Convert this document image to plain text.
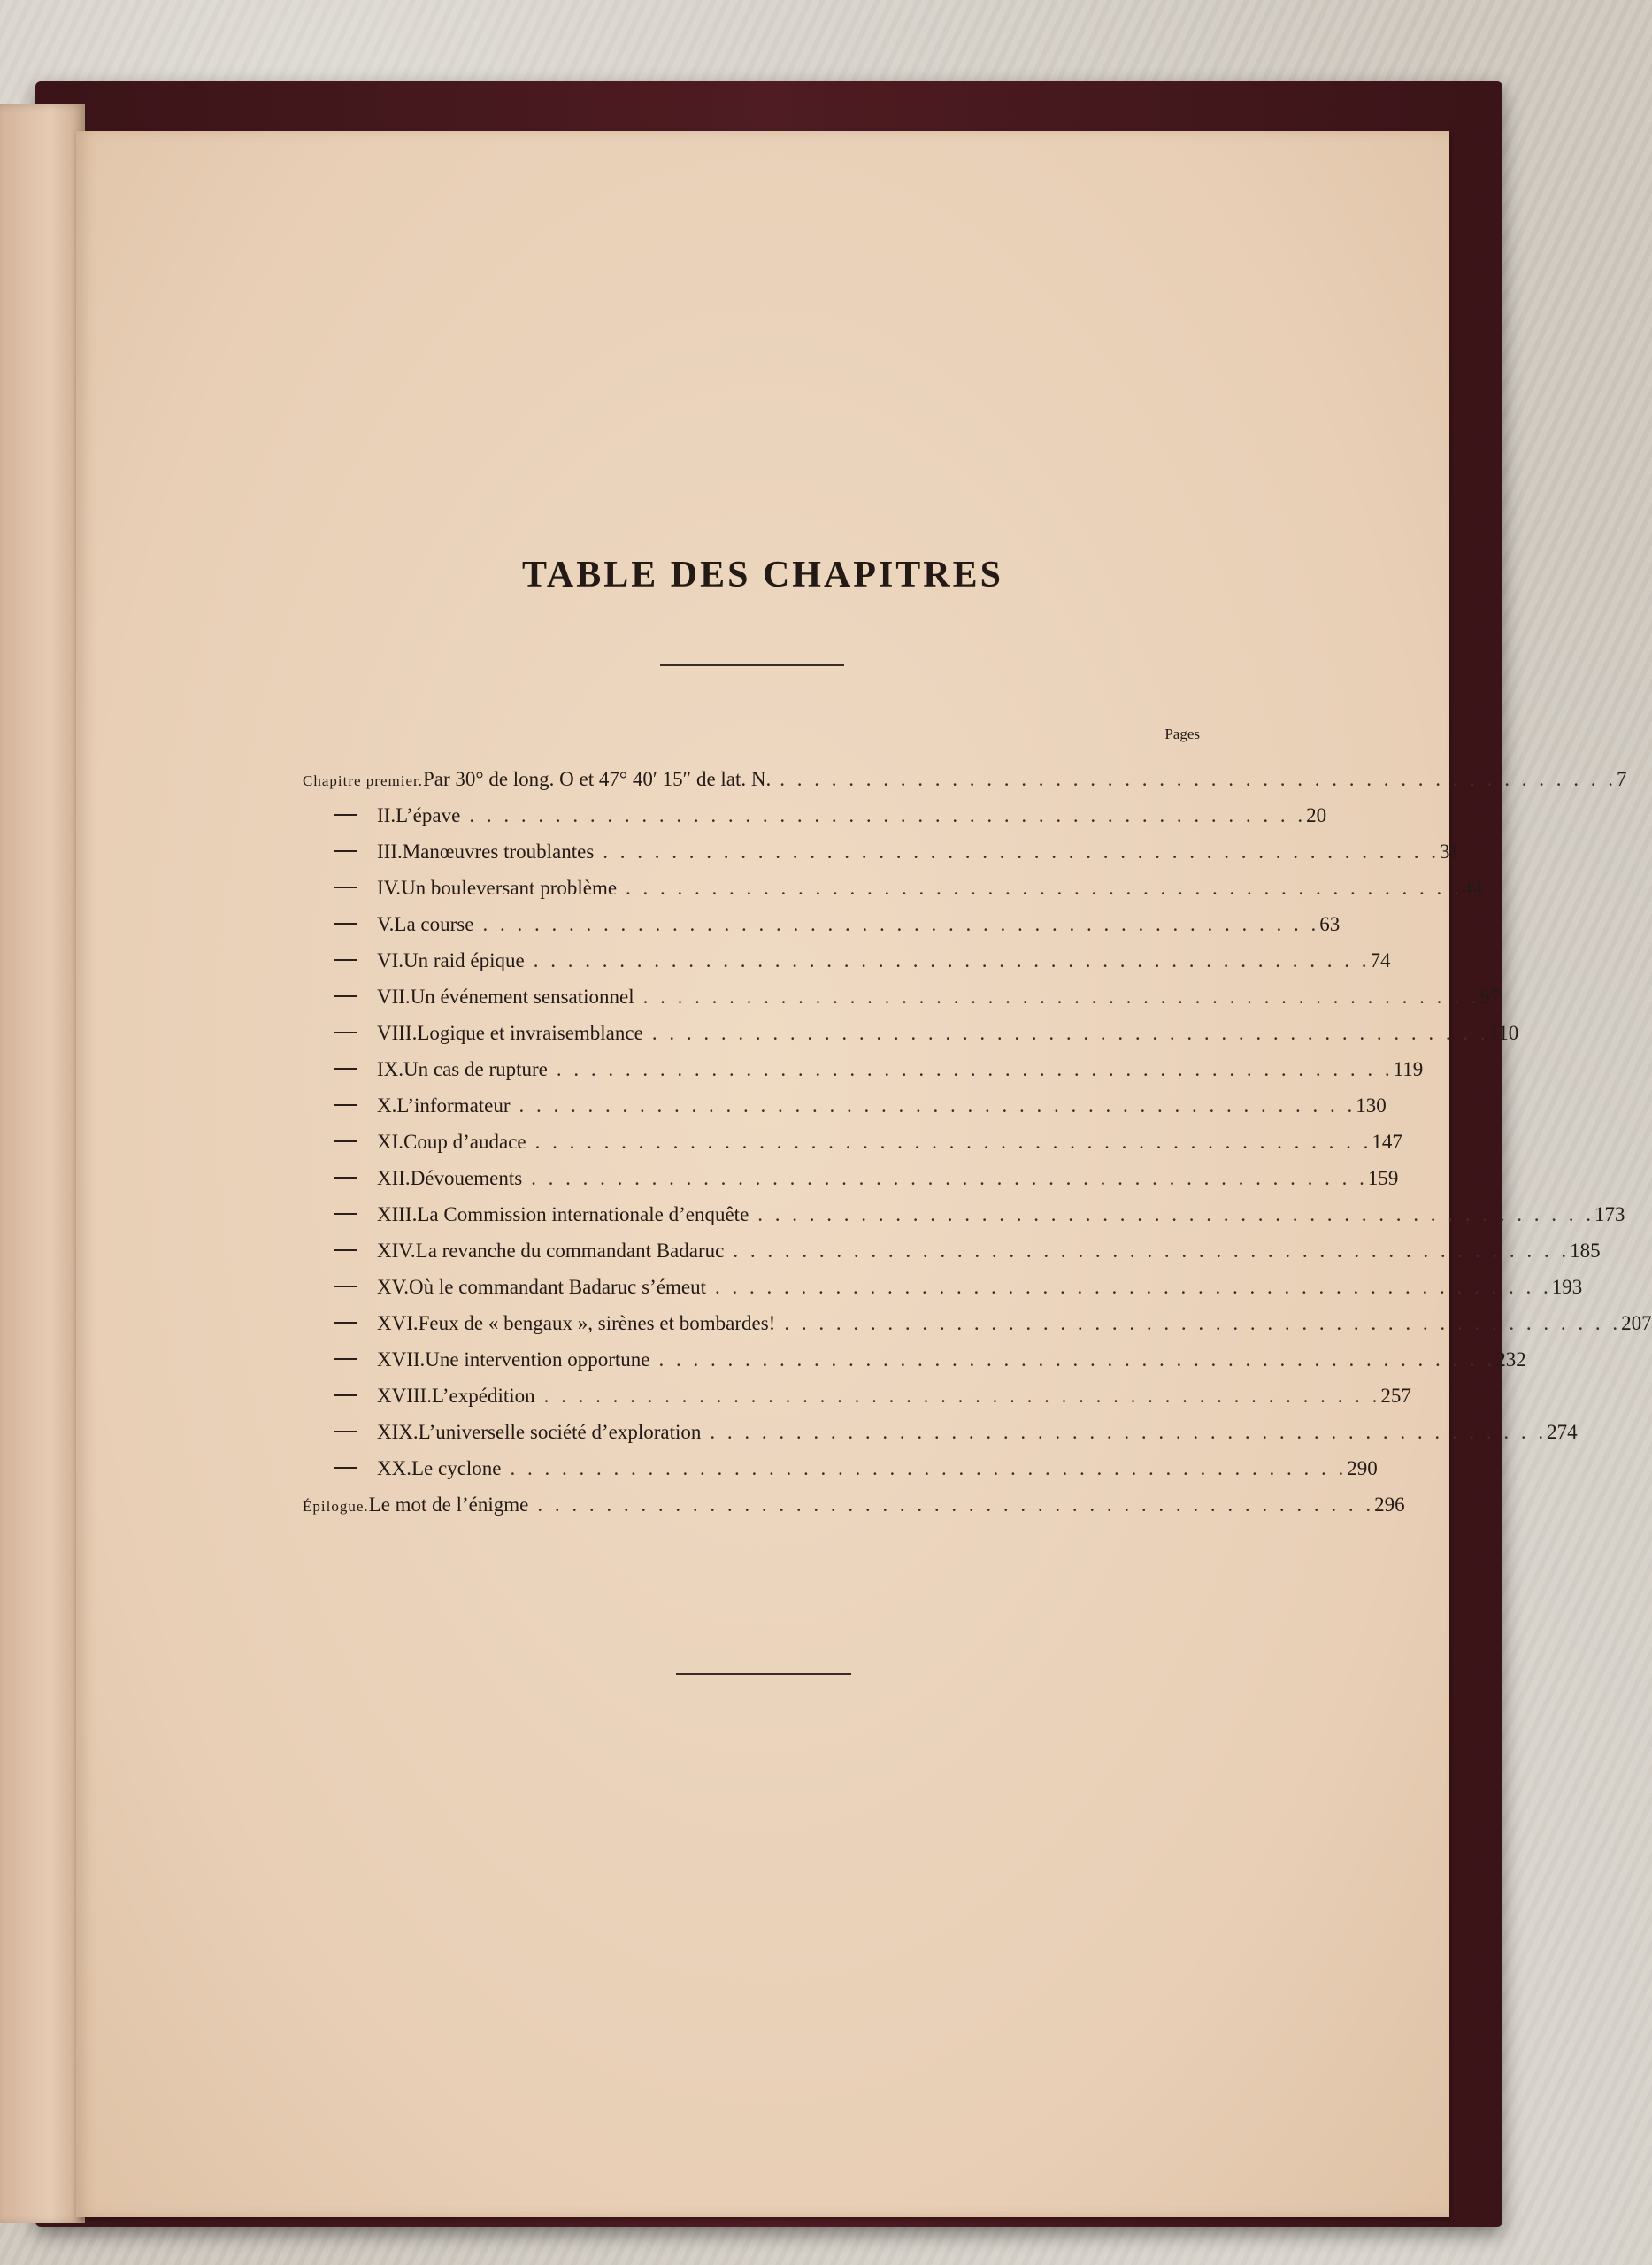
TABLE DES CHAPITRES
Pages
Chapitre premier. Par 30° de long. O et 47° 40′ 15″ de lat. N. . . . . . . . . . . . . . . . . . . . . . . . . . . . . . . . . . . . . . . . . . . . . . . . . . 7
II. L’épave . . . . . . . . . . . . . . . . . . . . . . . . . . . . . . . . . . . . . . . . . . . . . . . . . 20
III. Manœuvres troublantes . . . . . . . . . . . . . . . . . . . . . . . . . . . . . . . . . . . . . . . . . . . . . . . . . 31
IV. Un bouleversant problème . . . . . . . . . . . . . . . . . . . . . . . . . . . . . . . . . . . . . . . . . . . . . . . . . 44
V. La course . . . . . . . . . . . . . . . . . . . . . . . . . . . . . . . . . . . . . . . . . . . . . . . . . 63
VI. Un raid épique . . . . . . . . . . . . . . . . . . . . . . . . . . . . . . . . . . . . . . . . . . . . . . . . . 74
VII. Un événement sensationnel . . . . . . . . . . . . . . . . . . . . . . . . . . . . . . . . . . . . . . . . . . . . . . . . . 97
VIII. Logique et invraisemblance . . . . . . . . . . . . . . . . . . . . . . . . . . . . . . . . . . . . . . . . . . . . . . . . . 110
IX. Un cas de rupture . . . . . . . . . . . . . . . . . . . . . . . . . . . . . . . . . . . . . . . . . . . . . . . . . 119
X. L’informateur . . . . . . . . . . . . . . . . . . . . . . . . . . . . . . . . . . . . . . . . . . . . . . . . . 130
XI. Coup d’audace . . . . . . . . . . . . . . . . . . . . . . . . . . . . . . . . . . . . . . . . . . . . . . . . . 147
XII. Dévouements . . . . . . . . . . . . . . . . . . . . . . . . . . . . . . . . . . . . . . . . . . . . . . . . . 159
XIII. La Commission internationale d’enquête . . . . . . . . . . . . . . . . . . . . . . . . . . . . . . . . . . . . . . . . . . . . . . . . . 173
XIV. La revanche du commandant Badaruc . . . . . . . . . . . . . . . . . . . . . . . . . . . . . . . . . . . . . . . . . . . . . . . . . 185
XV. Où le commandant Badaruc s’émeut . . . . . . . . . . . . . . . . . . . . . . . . . . . . . . . . . . . . . . . . . . . . . . . . . 193
XVI. Feux de « bengaux », sirènes et bombardes! . . . . . . . . . . . . . . . . . . . . . . . . . . . . . . . . . . . . . . . . . . . . . . . . . 207
XVII. Une intervention opportune . . . . . . . . . . . . . . . . . . . . . . . . . . . . . . . . . . . . . . . . . . . . . . . . . 232
XVIII. L’expédition . . . . . . . . . . . . . . . . . . . . . . . . . . . . . . . . . . . . . . . . . . . . . . . . . 257
XIX. L’universelle société d’exploration . . . . . . . . . . . . . . . . . . . . . . . . . . . . . . . . . . . . . . . . . . . . . . . . . 274
XX. Le cyclone . . . . . . . . . . . . . . . . . . . . . . . . . . . . . . . . . . . . . . . . . . . . . . . . . 290
Épilogue. Le mot de l’énigme . . . . . . . . . . . . . . . . . . . . . . . . . . . . . . . . . . . . . . . . . . . . . . . . . 296
